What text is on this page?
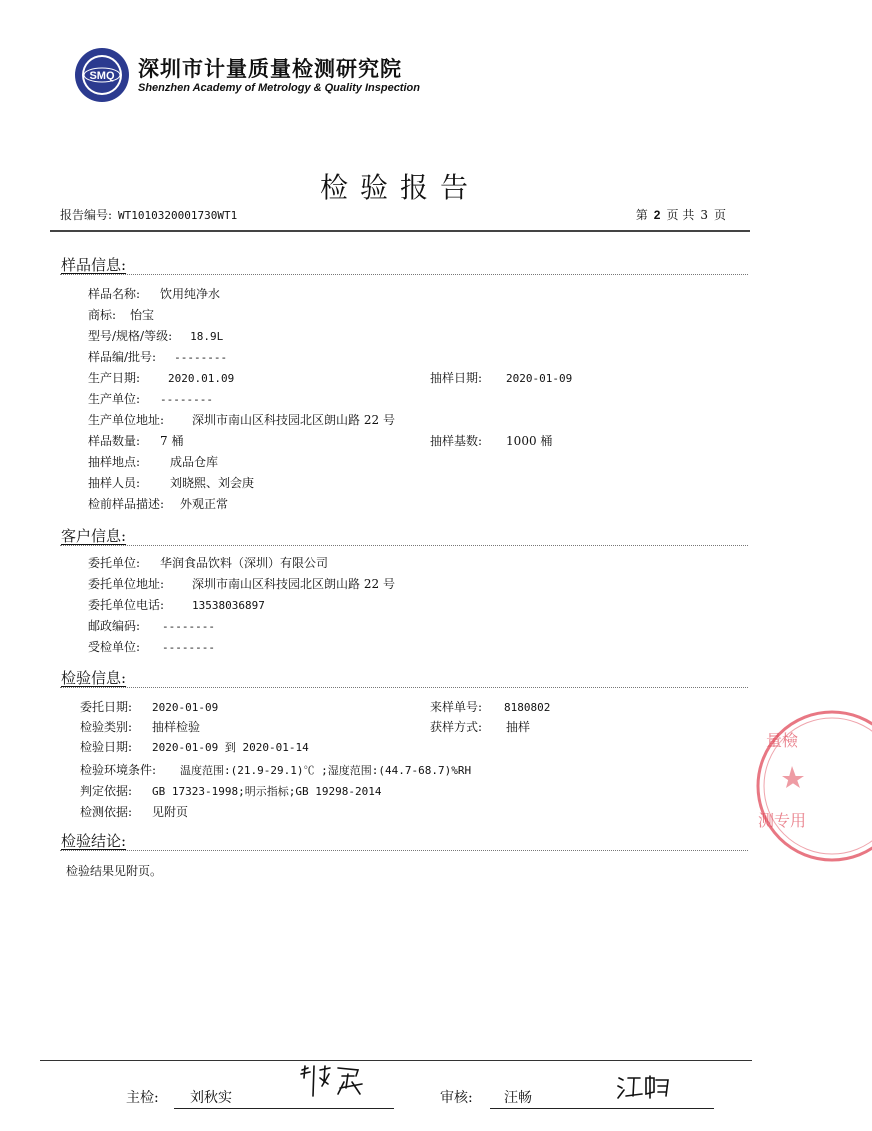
SMQ 深圳市计量质量检测研究院
Shenzhen Academy of Metrology & Quality Inspection
检验报告
报告编号: WT1010320001730WT1	第 2 页 共 3 页
样品信息:
样品名称: 饮用纯净水
商标: 怡宝
型号/规格/等级: 18.9L
样品编/批号: --------
生产日期:	2020.01.09	抽样日期: 2020-01-09
生产单位: --------
生产单位地址: 深圳市南山区科技园北区朗山路 22 号
样品数量: 7 桶	抽样基数: 1000 桶
抽样地点:	成品仓库
抽样人员:	刘晓熙、刘会庚
检前样品描述: 外观正常
客户信息:
委托单位: 华润食品饮料（深圳）有限公司
委托单位地址: 深圳市南山区科技园北区朗山路 22 号
委托单位电话:	13538036897
邮政编码: --------
受检单位: --------
检验信息:
委托日期: 2020-01-09	来样单号: 8180802
检验类别: 抽样检验	获样方式: 抽样
检验日期: 2020-01-09 到 2020-01-14
检验环境条件: 温度范围:(21.9-29.1)℃ ;湿度范围:(44.7-68.7)%RH
判定依据: GB 17323-1998;明示指标;GB 19298-2014
检测依据: 见附页
检验结论:
检验结果见附页。
量檢
测专用
主检: 刘秋实	审核: 汪畅
